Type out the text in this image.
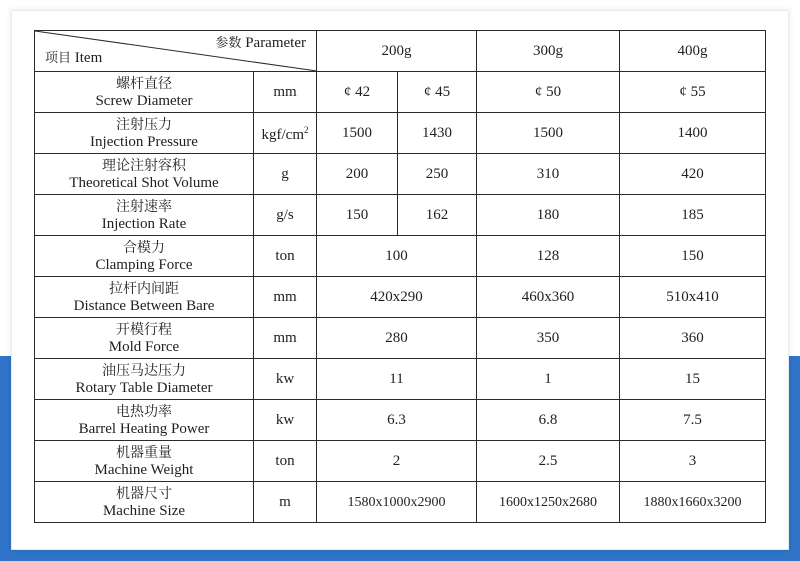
参数 Parameter
项目 Item		200g		300g	400g

螺杆直径
Screw Diameter	mm	ȼ 42	ȼ 45	ȼ 50	ȼ 55

注射压力
Injection Pressure	kgf/$cm^2$	1500	1430	1500	1400

理论注射容积
Theoretical Shot Volume	g	200	250	310	420

注射速率
Injection Rate	g/s	150	162	180	185

合模力
Clamping Force	ton	100		128	150

拉杆内间距
Distance Between Bare	mm	420x290		460x360	510x410

开模行程
Mold Force	mm	280		350	360

油压马达压力
Rotary Table Diameter	kw	11		1	15

电热功率
Barrel Heating Power	kw	6.3		6.8	7.5

机器重量
Machine Weight	ton	2		2.5	3

机器尺寸
Machine Size	m	1580x1000x2900		1600x1250x2680	1880x1660x3200
